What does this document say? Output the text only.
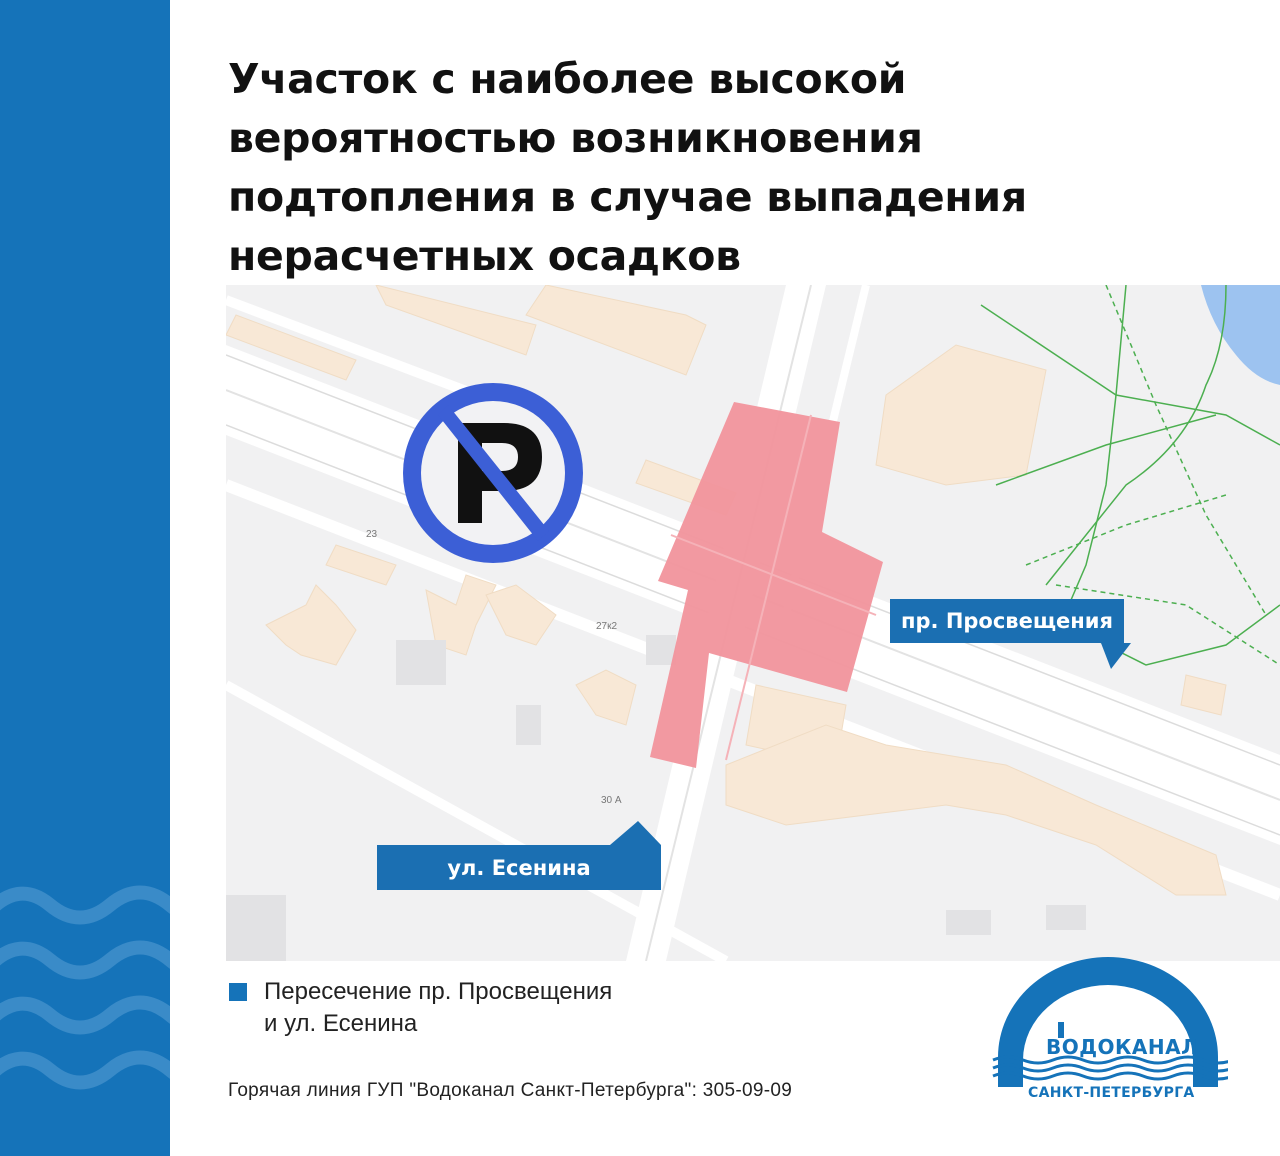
Участок с наиболее высокой
вероятностью возникновения
подтопления в случае выпадения
нерасчетных осадков
пр. Просвещения
ул. Есенина
23
27к2
30 А
Пересечение пр. Просвещения
и ул. Есенина
Горячая линия ГУП "Водоканал Санкт-Петербурга": 305-09-09
ВОДОКАНАЛ
САНКТ-ПЕТЕРБУРГА
